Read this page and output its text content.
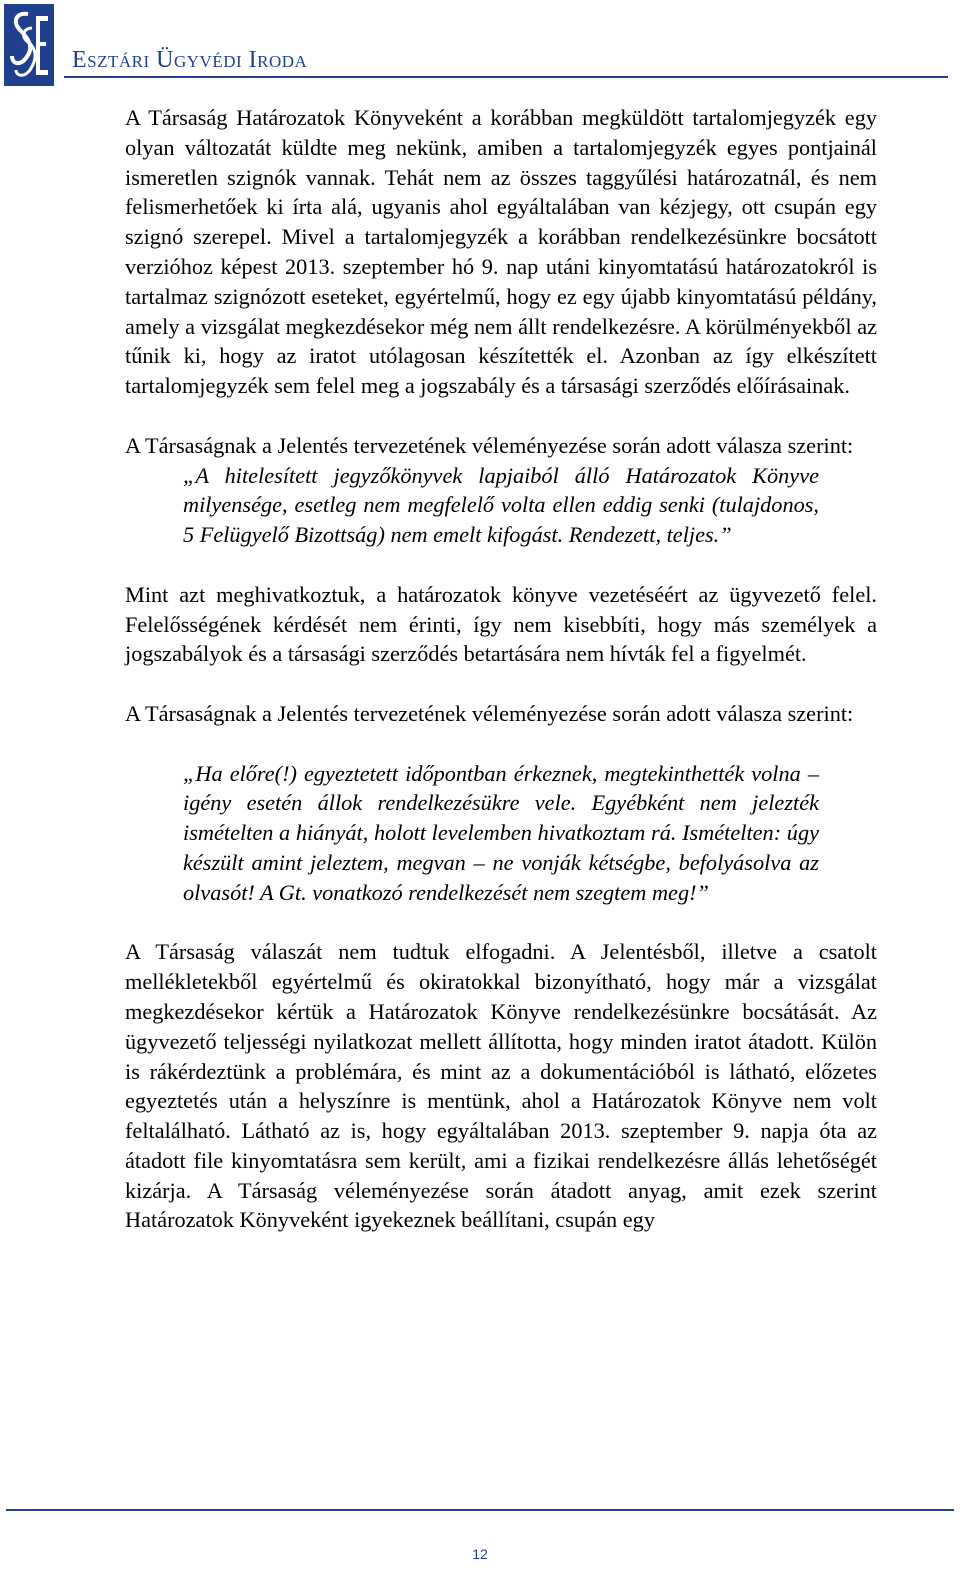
Esztári Ügyvédi Iroda

A Társaság Határozatok Könyveként a korábban megküldött tartalomjegyzék egy olyan változatát küldte meg nekünk, amiben a tartalomjegyzék egyes pontjainál ismeretlen szignók vannak. Tehát nem az összes taggyűlési határozatnál, és nem felismerhetőek ki írta alá, ugyanis ahol egyáltalában van kézjegy, ott csupán egy szignó szerepel. Mivel a tartalomjegyzék a korábban rendelkezésünkre bocsátott verzióhoz képest 2013. szeptember hó 9. nap utáni kinyomtatású határozatokról is tartalmaz szignózott eseteket, egyértelmű, hogy ez egy újabb kinyomtatású példány, amely a vizsgálat megkezdésekor még nem állt rendelkezésre. A körülményekből az tűnik ki, hogy az iratot utólagosan készítették el. Azonban az így elkészített tartalomjegyzék sem felel meg a jogszabály és a társasági szerződés előírásainak.

A Társaságnak a Jelentés tervezetének véleményezése során adott válasza szerint:

„A hitelesített jegyzőkönyvek lapjaiból álló Határozatok Könyve milyensége, esetleg nem megfelelő volta ellen eddig senki (tulajdonos, 5 Felügyelő Bizottság) nem emelt kifogást. Rendezett, teljes.”

Mint azt meghivatkoztuk, a határozatok könyve vezetéséért az ügyvezető felel. Felelősségének kérdését nem érinti, így nem kisebbíti, hogy más személyek a jogszabályok és a társasági szerződés betartására nem hívták fel a figyelmét.

A Társaságnak a Jelentés tervezetének véleményezése során adott válasza szerint:

„Ha előre(!) egyeztetett időpontban érkeznek, megtekinthették volna – igény esetén állok rendelkezésükre vele. Egyébként nem jelezték ismételten a hiányát, holott levelemben hivatkoztam rá. Ismételten: úgy készült amint jeleztem, megvan – ne vonják kétségbe, befolyásolva az olvasót! A Gt. vonatkozó rendelkezését nem szegtem meg!”

A Társaság válaszát nem tudtuk elfogadni. A Jelentésből, illetve a csatolt mellékletekből egyértelmű és okiratokkal bizonyítható, hogy már a vizsgálat megkezdésekor kértük a Határozatok Könyve rendelkezésünkre bocsátását. Az ügyvezető teljességi nyilatkozat mellett állította, hogy minden iratot átadott. Külön is rákérdeztünk a problémára, és mint az a dokumentációból is látható, előzetes egyeztetés után a helyszínre is mentünk, ahol a Határozatok Könyve nem volt feltalálható. Látható az is, hogy egyáltalában 2013. szeptember 9. napja óta az átadott file kinyomtatásra sem került, ami a fizikai rendelkezésre állás lehetőségét kizárja. A Társaság véleményezése során átadott anyag, amit ezek szerint Határozatok Könyveként igyekeznek beállítani, csupán egy

12
